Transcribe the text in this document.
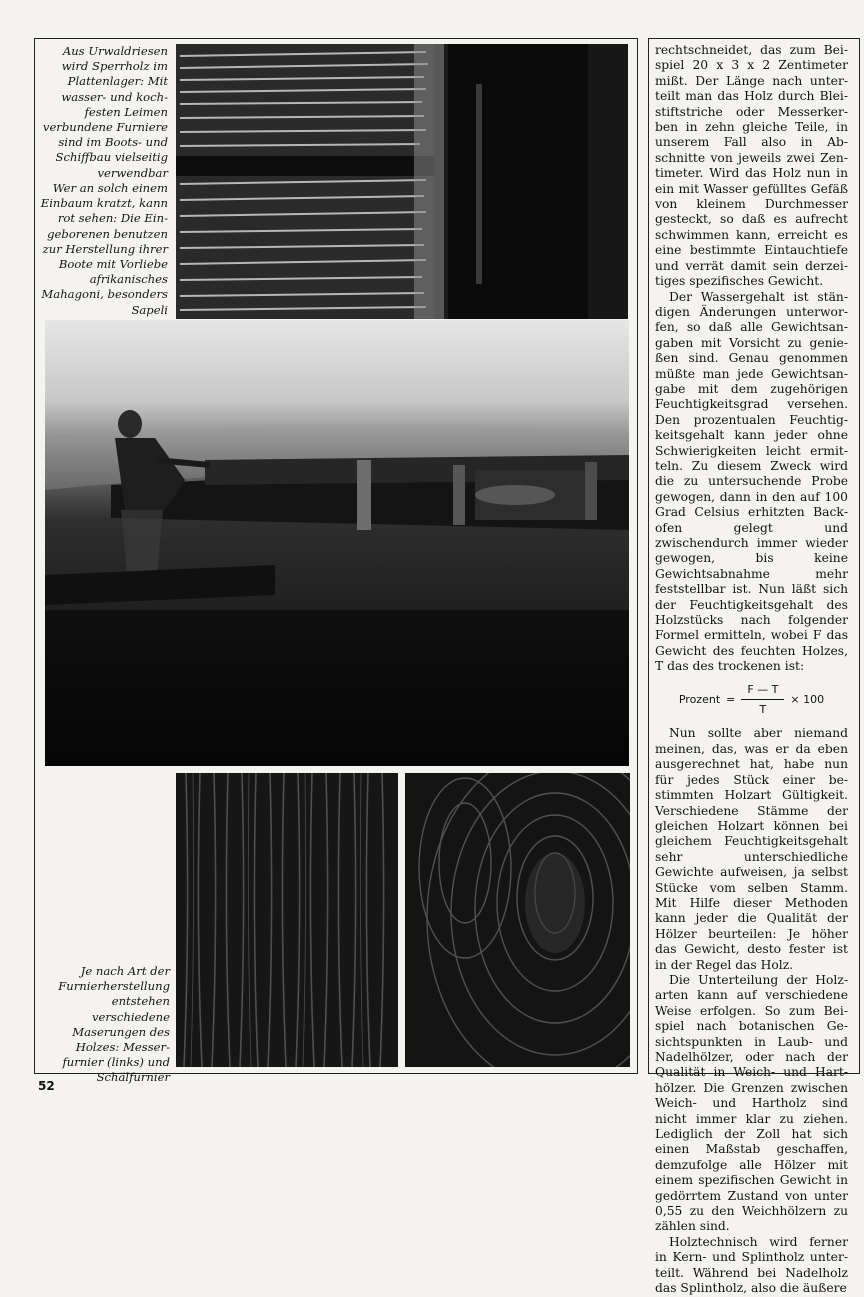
Aus Urwaldriesen wird Sperrholz im Plattenlager: Mit wasser- und kochfesten Leimen verbundene Furniere sind im Boots- und Schiffbau vielseitig verwendbar

Wer an solch einem Einbaum kratzt, kann rot sehen: Die Eingeborenen benutzen zur Herstellung ihrer Boote mit Vorliebe afrikanisches Mahagoni, besonders Sapeli

Je nach Art der Furnierherstellung entstehen verschiedene Maserungen des Holzes: Messerfurnier (links) und Schälfurnier

rechtschneidet, das zum Beispiel 20 x 3 x 2 Zentimeter mißt. Der Länge nach unterteilt man das Holz durch Bleistiftstriche oder Messerkerben in zehn gleiche Teile, in unserem Fall also in Abschnitte von jeweils zwei Zentimeter. Wird das Holz nun in ein mit Wasser gefülltes Gefäß von kleinem Durchmesser gesteckt, so daß es aufrecht schwimmen kann, erreicht es eine bestimmte Eintauchtiefe und verrät damit sein derzeitiges spezifisches Gewicht.

Der Wassergehalt ist ständigen Änderungen unterworfen, so daß alle Gewichtsangaben mit Vorsicht zu genießen sind. Genau genommen müßte man jede Gewichtsangabe mit dem zugehörigen Feuchtigkeitsgrad versehen. Den prozentualen Feuchtigkeitsgehalt kann jeder ohne Schwierigkeiten leicht ermitteln. Zu diesem Zweck wird die zu untersuchende Probe gewogen, dann in den auf 100 Grad Celsius erhitzten Backofen gelegt und zwischendurch immer wieder gewogen, bis keine Gewichtsabnahme mehr feststellbar ist. Nun läßt sich der Feuchtigkeitsgehalt des Holzstücks nach folgender Formel ermitteln, wobei F das Gewicht des feuchten Holzes, T das des trockenen ist:

Prozent = $\frac{F — T}{T} \times 100$

Nun sollte aber niemand meinen, das, was er da eben ausgerechnet hat, habe nun für jedes Stück einer bestimmten Holzart Gültigkeit. Verschiedene Stämme der gleichen Holzart können bei gleichem Feuchtigkeitsgehalt sehr unterschiedliche Gewichte aufweisen, ja selbst Stücke vom selben Stamm. Mit Hilfe dieser Methoden kann jeder die Qualität der Hölzer beurteilen: Je höher das Gewicht, desto fester ist in der Regel das Holz.

Die Unterteilung der Holzarten kann auf verschiedene Weise erfolgen. So zum Beispiel nach botanischen Gesichtspunkten in Laub- und Nadelhölzer, oder nach der Qualität in Weich- und Harthölzer. Die Grenzen zwischen Weich- und Hartholz sind nicht immer klar zu ziehen. Lediglich der Zoll hat sich einen Maßstab geschaffen, demzufolge alle Hölzer mit einem spezifischen Gewicht in gedörrtem Zustand von unter 0,55 zu den Weichhölzern zu zählen sind.

Holztechnisch wird ferner in Kern- und Splintholz unterteilt. Während bei Nadelholz das Splintholz, also die äußere

52
